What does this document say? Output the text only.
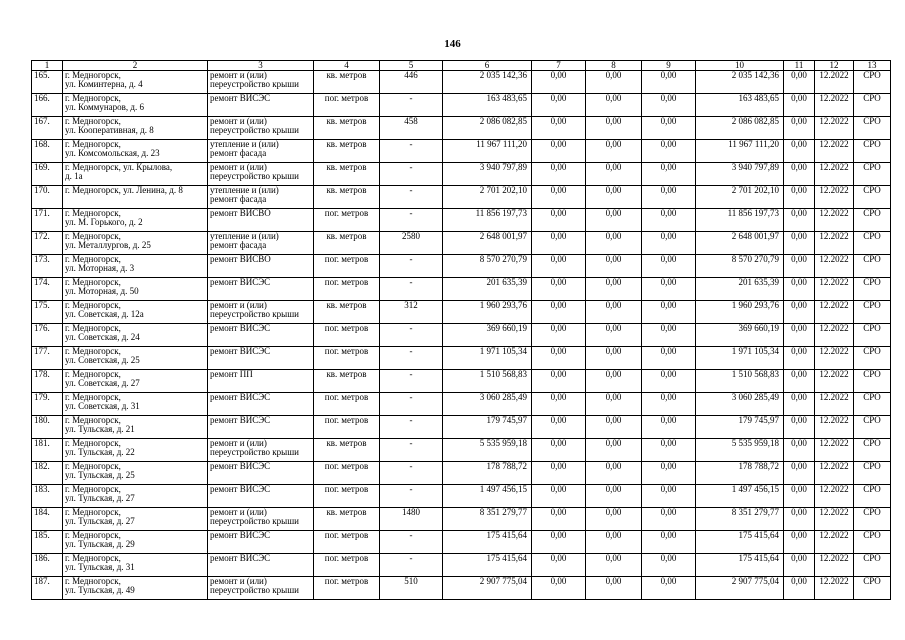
146
1	2	3	4	5	6	7	8	9	10	11	12	13
165.	г. Медногорск,
ул. Коминтерна, д. 4	ремонт и (или)
переустройство крыши	кв. метров	446	2 035 142,36	0,00	0,00	0,00	2 035 142,36	0,00	12.2022	СРО
166.	г. Медногорск,
ул. Коммунаров, д. 6	ремонт ВИСЭС	пог. метров	-	163 483,65	0,00	0,00	0,00	163 483,65	0,00	12.2022	СРО
167.	г. Медногорск,
ул. Кооперативная, д. 8	ремонт и (или)
переустройство крыши	кв. метров	458	2 086 082,85	0,00	0,00	0,00	2 086 082,85	0,00	12.2022	СРО
168.	г. Медногорск,
ул. Комсомольская, д. 23	утепление и (или)
ремонт фасада	кв. метров	-	11 967 111,20	0,00	0,00	0,00	11 967 111,20	0,00	12.2022	СРО
169.	г. Медногорск, ул. Крылова,
д. 1а	ремонт и (или)
переустройство крыши	кв. метров	-	3 940 797,89	0,00	0,00	0,00	3 940 797,89	0,00	12.2022	СРО
170.	г. Медногорск, ул. Ленина, д. 8	утепление и (или)
ремонт фасада	кв. метров	-	2 701 202,10	0,00	0,00	0,00	2 701 202,10	0,00	12.2022	СРО
171.	г. Медногорск,
ул. М. Горького, д. 2	ремонт ВИСВО	пог. метров	-	11 856 197,73	0,00	0,00	0,00	11 856 197,73	0,00	12.2022	СРО
172.	г. Медногорск,
ул. Металлургов, д. 25	утепление и (или)
ремонт фасада	кв. метров	2580	2 648 001,97	0,00	0,00	0,00	2 648 001,97	0,00	12.2022	СРО
173.	г. Медногорск,
ул. Моторная, д. 3	ремонт ВИСВО	пог. метров	-	8 570 270,79	0,00	0,00	0,00	8 570 270,79	0,00	12.2022	СРО
174.	г. Медногорск,
ул. Моторная, д. 50	ремонт ВИСЭС	пог. метров	-	201 635,39	0,00	0,00	0,00	201 635,39	0,00	12.2022	СРО
175.	г. Медногорск,
ул. Советская, д. 12а	ремонт и (или)
переустройство крыши	кв. метров	312	1 960 293,76	0,00	0,00	0,00	1 960 293,76	0,00	12.2022	СРО
176.	г. Медногорск,
ул. Советская, д. 24	ремонт ВИСЭС	пог. метров	-	369 660,19	0,00	0,00	0,00	369 660,19	0,00	12.2022	СРО
177.	г. Медногорск,
ул. Советская, д. 25	ремонт ВИСЭС	пог. метров	-	1 971 105,34	0,00	0,00	0,00	1 971 105,34	0,00	12.2022	СРО
178.	г. Медногорск,
ул. Советская, д. 27	ремонт ПП	кв. метров	-	1 510 568,83	0,00	0,00	0,00	1 510 568,83	0,00	12.2022	СРО
179.	г. Медногорск,
ул. Советская, д. 31	ремонт ВИСЭС	пог. метров	-	3 060 285,49	0,00	0,00	0,00	3 060 285,49	0,00	12.2022	СРО
180.	г. Медногорск,
ул. Тульская, д. 21	ремонт ВИСЭС	пог. метров	-	179 745,97	0,00	0,00	0,00	179 745,97	0,00	12.2022	СРО
181.	г. Медногорск,
ул. Тульская, д. 22	ремонт и (или)
переустройство крыши	кв. метров	-	5 535 959,18	0,00	0,00	0,00	5 535 959,18	0,00	12.2022	СРО
182.	г. Медногорск,
ул. Тульская, д. 25	ремонт ВИСЭС	пог. метров	-	178 788,72	0,00	0,00	0,00	178 788,72	0,00	12.2022	СРО
183.	г. Медногорск,
ул. Тульская, д. 27	ремонт ВИСЭС	пог. метров	-	1 497 456,15	0,00	0,00	0,00	1 497 456,15	0,00	12.2022	СРО
184.	г. Медногорск,
ул. Тульская, д. 27	ремонт и (или)
переустройство крыши	кв. метров	1480	8 351 279,77	0,00	0,00	0,00	8 351 279,77	0,00	12.2022	СРО
185.	г. Медногорск,
ул. Тульская, д. 29	ремонт ВИСЭС	пог. метров	-	175 415,64	0,00	0,00	0,00	175 415,64	0,00	12.2022	СРО
186.	г. Медногорск,
ул. Тульская, д. 31	ремонт ВИСЭС	пог. метров	-	175 415,64	0,00	0,00	0,00	175 415,64	0,00	12.2022	СРО
187.	г. Медногорск,
ул. Тульская, д. 49	ремонт и (или)
переустройство крыши	пог. метров	510	2 907 775,04	0,00	0,00	0,00	2 907 775,04	0,00	12.2022	СРО
